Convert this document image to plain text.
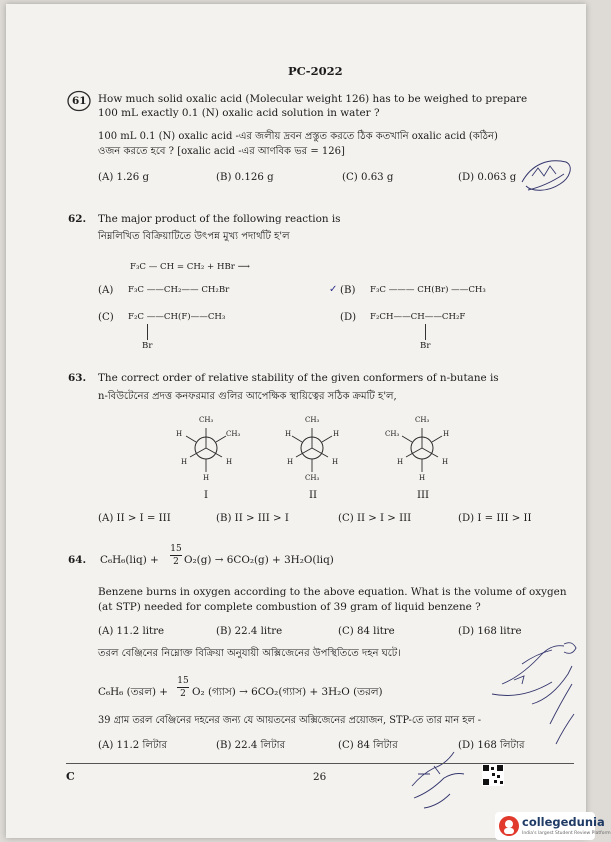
PC-2022
61 How much solid oxalic acid (Molecular weight 126) has to be weighed to prepare
100 mL exactly 0.1 (N) oxalic acid solution in water ?
100 mL 0.1 (N) oxalic acid -এর জলীয় দ্রবন প্রস্তুত করতে ঠিক কতখানি oxalic acid (কঠিন)
ওজন করতে হবে ? [oxalic acid -এর আণবিক ভর = 126]
(A) 1.26 g	(B) 0.126 g	(C) 0.63 g	(D) 0.063 g
62. The major product of the following reaction is
নিম্নলিখিত বিক্রিয়াটিতে উৎপন্ন মুখ্য পদার্থটি হ'ল
F₃C — CH = CH₂ + HBr ⟶
(A) F₃C ——CH₂—— CH₂Br	✓ (B) F₃C ——— CH(Br) ——CH₃
(C) F₂C ——CH(F)——CH₃
Br
(D) F₂CH——CH——CH₂F
Br
63. The correct order of relative stability of the given conformers of n-butane is
n-বিউটেনের প্রদত্ত কনফরমার গুলির আপেক্ষিক স্থায়িত্বের সঠিক ক্রমটি হ'ল,
CH₃
H	CH₃
H	H
H
CH₃
H	H
H	H
CH₃
CH₃
CH₃	H
H	H
H
I	II	III
(A) II > I = III	(B) II > III > I	(C) II > I > III	(D) I = III > II
64. C₆H₆(liq) +
15
2 O₂(g) → 6CO₂(g) + 3H₂O(liq)
Benzene burns in oxygen according to the above equation. What is the volume of oxygen
(at STP) needed for complete combustion of 39 gram of liquid benzene ?
(A) 11.2 litre	(B) 22.4 litre	(C) 84 litre	(D) 168 litre
তরল বেঞ্জিনের নিম্নোক্ত বিক্রিয়া অনুযায়ী অক্সিজেনের উপস্থিতিতে দহন ঘটে।
C₆H₆ (তরল) +
15
2 O₂ (গ্যাস) → 6CO₂(গ্যাস) + 3H₂O (তরল)
39 গ্রাম তরল বেঞ্জিনের দহনের জন্য যে আয়তনের অক্সিজেনের প্রয়োজন, STP-তে তার মান হল -
(A) 11.2 লিটার	(B) 22.4 লিটার	(C) 84 লিটার	(D) 168 লিটার
C	26
collegedunia
India's largest Student Review Platform
